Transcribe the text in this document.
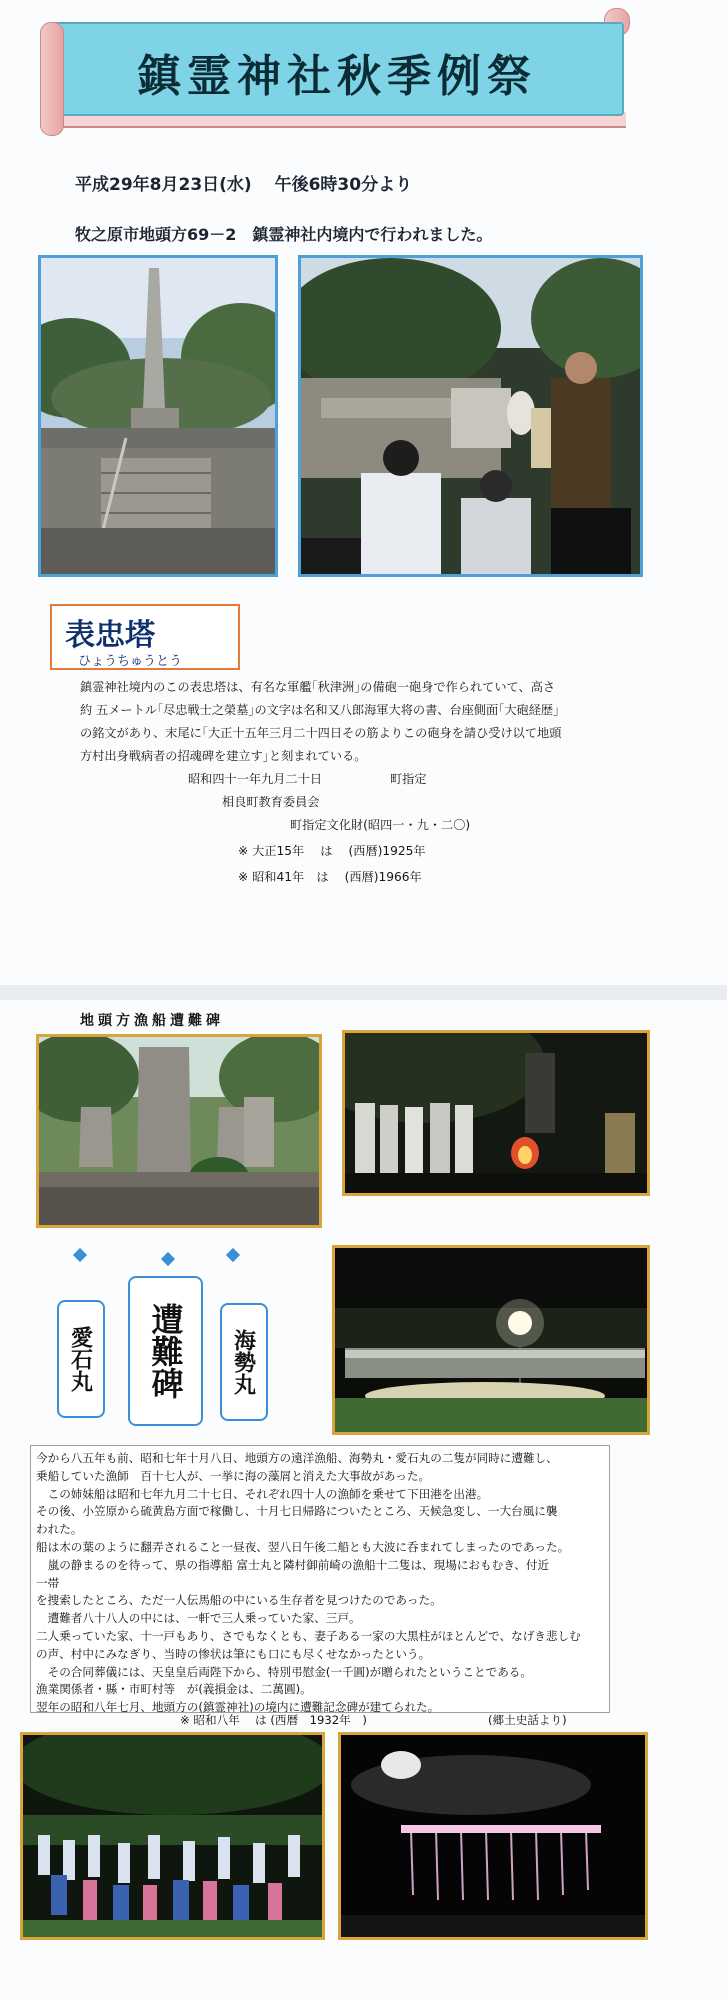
鎮霊神社秋季例祭
平成29年8月23日(水)　 午後6時30分より
牧之原市地頭方69－2　鎮霊神社内境内で行われました。
表忠塔
ひょうちゅうとう
鎮霊神社境内のこの表忠塔は、有名な軍艦｢秋津洲｣の備砲一砲身で作られていて、高さ
約 五メートル｢尽忠戦士之榮墓｣の文字は名和又八郎海軍大将の書、台座側面｢大砲経歴｣
の銘文があり、末尾に｢大正十五年三月二十四日その筋よりこの砲身を請ひ受け以て地頭
方村出身戦病者の招魂碑を建立す｣と刻まれている。
昭和四十一年九月二十日	町指定
相良町教育委員会
町指定文化財(昭四一・九・二〇)
※ 大正15年　 は　 (西暦)1925年
※ 昭和41年　は　 (西暦)1966年
地頭方漁船遭難碑
愛石丸 遭難碑 海勢丸
今から八五年も前、昭和七年十月八日、地頭方の遠洋漁船、海勢丸・愛石丸の二隻が同時に遭難し、
乗船していた漁師　百十七人が、一挙に海の藻屑と消えた大事故があった。
　この姉妹船は昭和七年九月二十七日、それぞれ四十人の漁師を乗せて下田港を出港。
その後、小笠原から硫黄島方面で稼働し、十月七日帰路についたところ、天候急変し、一大台風に襲
われた。
船は木の葉のように翻弄されること一昼夜、翌八日午後二船とも大波に呑まれてしまったのであった。
　嵐の静まるのを待って、県の指導船 富士丸と隣村御前崎の漁船十二隻は、現場におもむき、付近
一帯
を捜索したところ、ただ一人伝馬船の中にいる生存者を見つけたのであった。
　遭難者八十八人の中には、一軒で三人乗っていた家、三戸。
二人乗っていた家、十一戸もあり、さでもなくとも、妻子ある一家の大黒柱がほとんどで、なげき悲しむ
の声、村中にみなぎり、当時の惨状は筆にも口にも尽くせなかったという。
　その合同葬儀には、天皇皇后両陛下から、特別弔慰金(一千圓)が贈られたということである。
漁業関係者・縣・市町村等　が(義損金は、二萬圓)。
翌年の昭和八年七月、地頭方の(鎮霊神社)の境内に遭難記念碑が建てられた。
※ 昭和八年　 は (西暦　1932年　)	(郷土史話より)
